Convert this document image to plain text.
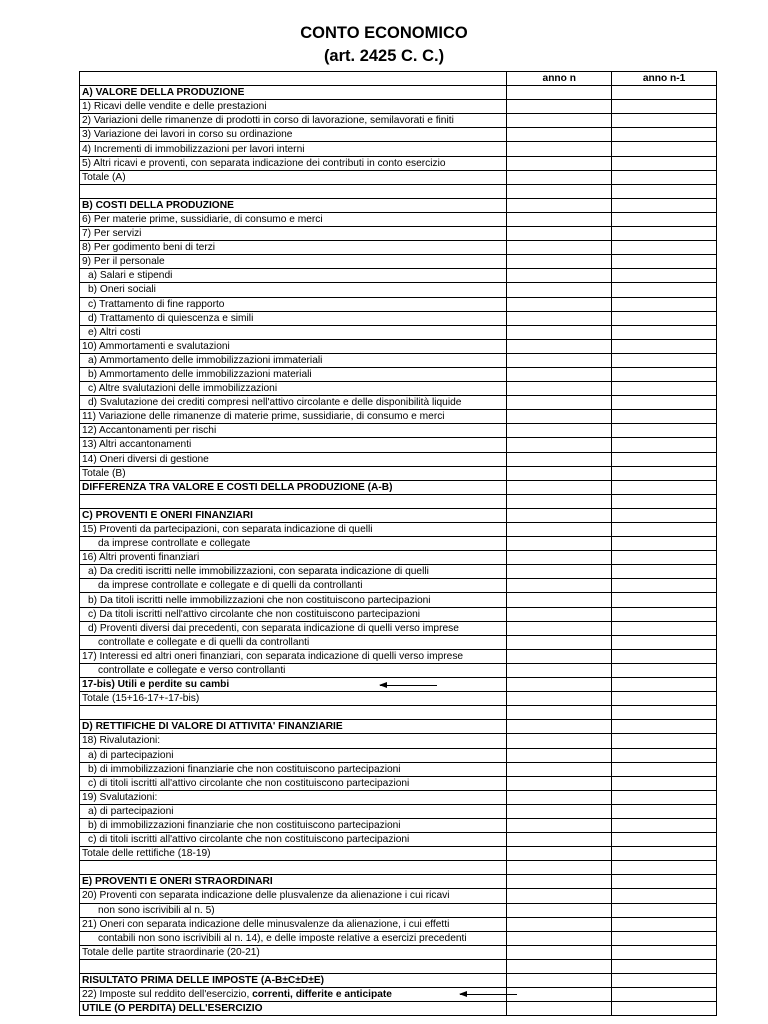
CONTO ECONOMICO
(art. 2425 C. C.)
	anno n	anno n-1
A) VALORE DELLA PRODUZIONE		
1) Ricavi delle vendite e delle prestazioni		
2) Variazioni delle rimanenze di prodotti in corso di lavorazione, semilavorati e finiti		
3) Variazione dei lavori in corso su ordinazione		
4) Incrementi di immobilizzazioni per lavori interni		
5) Altri ricavi e proventi, con separata indicazione dei contributi in conto esercizio		
Totale (A)		

B) COSTI DELLA PRODUZIONE		
6) Per materie prime, sussidiarie, di consumo e merci		
7) Per servizi		
8) Per godimento beni di terzi		
9) Per il personale		
a) Salari e stipendi		
b) Oneri sociali		
c) Trattamento di fine rapporto		
d) Trattamento di quiescenza e simili		
e) Altri costi		
10) Ammortamenti e svalutazioni		
a) Ammortamento delle immobilizzazioni immateriali		
b) Ammortamento delle immobilizzazioni materiali		
c) Altre svalutazioni delle immobilizzazioni		
d) Svalutazione dei crediti compresi nell'attivo circolante e delle disponibilità liquide		
11) Variazione delle rimanenze di materie prime, sussidiarie, di consumo e merci		
12) Accantonamenti per rischi		
13) Altri accantonamenti		
14) Oneri diversi di gestione		
Totale (B)		
DIFFERENZA TRA VALORE E COSTI DELLA PRODUZIONE (A-B)		

C) PROVENTI E ONERI FINANZIARI		
15) Proventi da partecipazioni, con separata indicazione di quelli		
da imprese controllate e collegate		
16) Altri proventi finanziari		
a) Da crediti iscritti nelle immobilizzazioni, con separata indicazione di quelli		
da imprese controllate e collegate e di quelli da controllanti		
b) Da titoli iscritti nelle immobilizzazioni che non costituiscono partecipazioni		
c) Da titoli iscritti nell'attivo circolante che non costituiscono partecipazioni		
d) Proventi diversi dai precedenti, con separata indicazione di quelli verso imprese		
controllate e collegate e di quelli da controllanti		
17) Interessi ed altri oneri finanziari, con separata indicazione di quelli verso imprese		
controllate e collegate e verso controllanti		
17-bis) Utili e perdite su cambi		
Totale (15+16-17+-17-bis)		

D) RETTIFICHE DI VALORE DI ATTIVITA' FINANZIARIE		
18) Rivalutazioni:		
a) di partecipazioni		
b) di immobilizzazioni finanziarie che non costituiscono partecipazioni		
c) di titoli iscritti all'attivo circolante che non costituiscono partecipazioni		
19) Svalutazioni:		
a) di partecipazioni		
b) di immobilizzazioni finanziarie che non costituiscono partecipazioni		
c) di titoli iscritti all'attivo circolante che non costituiscono partecipazioni		
Totale delle rettifiche (18-19)		

E) PROVENTI E ONERI STRAORDINARI		
20) Proventi con separata indicazione delle plusvalenze da alienazione i cui ricavi		
non sono iscrivibili al n. 5)		
21) Oneri con separata indicazione delle minusvalenze da alienazione, i cui effetti		
contabili non sono iscrivibili al n. 14), e delle imposte relative a esercizi precedenti		
Totale delle partite straordinarie (20-21)		

RISULTATO PRIMA DELLE IMPOSTE (A-B±C±D±E)		
22) Imposte sul reddito dell'esercizio, correnti, differite e anticipate		
UTILE (O PERDITA) DELL'ESERCIZIO		
